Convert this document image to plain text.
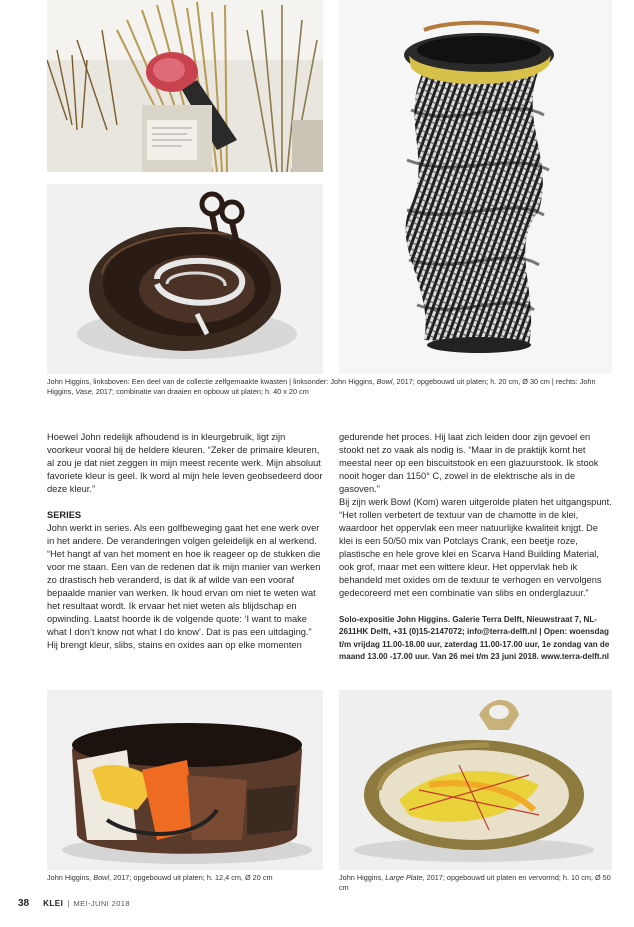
John Higgins, linksboven: Een deel van de collectie zelfgemaakte kwasten | linksonder: John Higgins, Bowl, 2017; opgebouwd uit platen; h. 20 cm, Ø 30 cm | rechts: John Higgins, Vase, 2017; combinatie van draaien en opbouw uit platen; h. 40 x 20 cm

Hoewel John redelijk afhoudend is in kleurgebruik, ligt zijn voorkeur vooral bij de heldere kleuren. “Zeker de primaire kleuren, al zou je dat niet zeggen in mijn meest recente werk. Mijn absoluut favoriete kleur is geel. Ik word al mijn hele leven geobsedeerd door deze kleur.”

SERIES

John werkt in series. Als een golfbeweging gaat het ene werk over in het andere. De veranderingen volgen geleidelijk en al werkend. “Het hangt af van het moment en hoe ik reageer op de stukken die voor me staan. Een van de redenen dat ik mijn manier van werken zo drastisch heb veranderd, is dat ik af wilde van een vooraf bepaalde manier van werken. Ik houd ervan om niet te weten wat het resultaat wordt. Ik ervaar het niet weten als blijdschap en opwinding. Laatst hoorde ik de volgende quote: ‘I want to make what I don’t know not what I do know’. Dat is pas een uitdaging.”

Hij brengt kleur, slibs, stains en oxides aan op elke momenten

gedurende het proces. Hij laat zich leiden door zijn gevoel en stookt net zo vaak als nodig is. “Maar in de praktijk komt het meestal neer op een biscuitstook en een glazuurstook. Ik stook nooit hoger dan 1150° C, zowel in de elektrische als in de gasoven.”

Bij zijn werk Bowl (Kom) waren uitgerolde platen het uitgangspunt. “Het rollen verbetert de textuur van de chamotte in de klei, waardoor het oppervlak een meer natuurlijke kwaliteit krijgt. De klei is een 50/50 mix van Potclays Crank, een beetje roze, plastische en hele grove klei en Scarva Hand Building Material, ook grof, maar met een wittere kleur. Het oppervlak heb ik behandeld met oxides om de textuur te verhogen en vervolgens gedecoreerd met een combinatie van slibs en onderglazuur.”

Solo-expositie John Higgins. Galerie Terra Delft, Nieuwstraat 7, NL- 2611HK Delft, +31 (0)15-2147072; info@terra-delft.nl | Open: woensdag t/m vrijdag 11.00-18.00 uur, zaterdag 11.00-17.00 uur, 1e zondag van de maand 13.00 -17.00 uur. Van 26 mei t/m 23 juni 2018. www.terra-delft.nl

John Higgins, Bowl, 2017; opgebouwd uit platen; h. 12,4 cm, Ø 20 cm	John Higgins, Large Plate, 2017; opgebouwd uit platen en vervormd; h. 10 cm, Ø 50 cm
38 KLEI | MEI-JUNI 2018
